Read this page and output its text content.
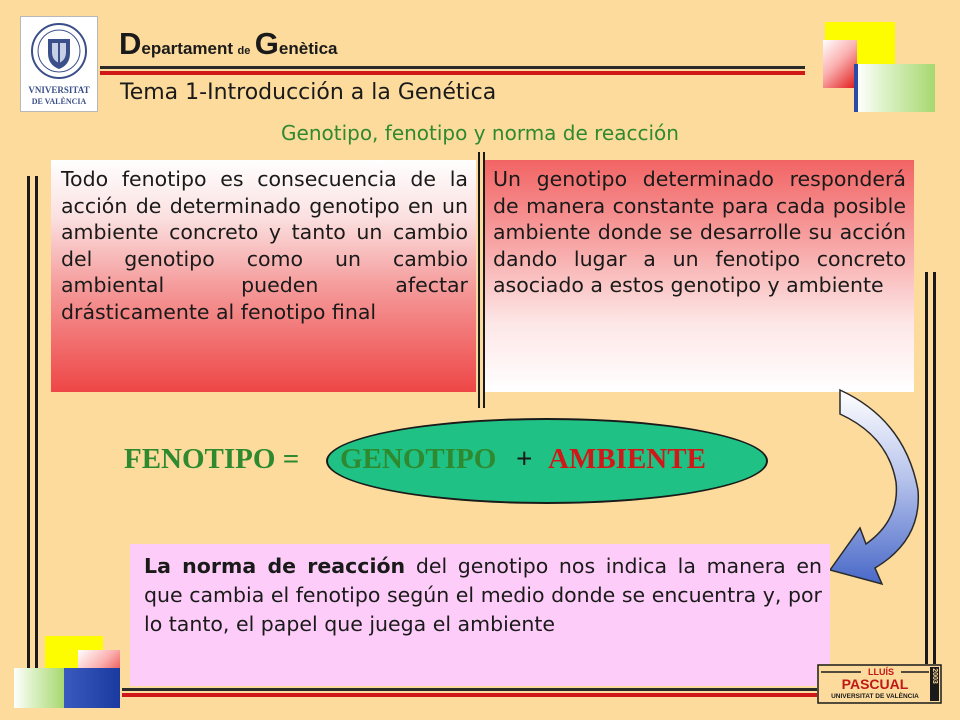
VNIVERSITAT
DE VALÈNCIA
Departament de Genètica
Tema 1-Introducción a la Genética
Genotipo, fenotipo y norma de reacción
Todo fenotipo es consecuencia de la acción de determinado genotipo en un ambiente concreto y tanto un cambio del genotipo como un cambio ambiental pueden afectar drásticamente al fenotipo final
Un genotipo determinado responderá de manera constante para cada posible ambiente donde se desarrolle su acción dando lugar a un fenotipo concreto asociado a estos genotipo y ambiente
FENOTIPO = GENOTIPO + AMBIENTE
La norma de reacción del genotipo nos indica la manera en que cambia el fenotipo según el medio donde se encuentra y, por lo tanto, el papel que juega el ambiente
LLUÍS
PASCUAL
UNIVERSITAT DE VALÈNCIA
2003
